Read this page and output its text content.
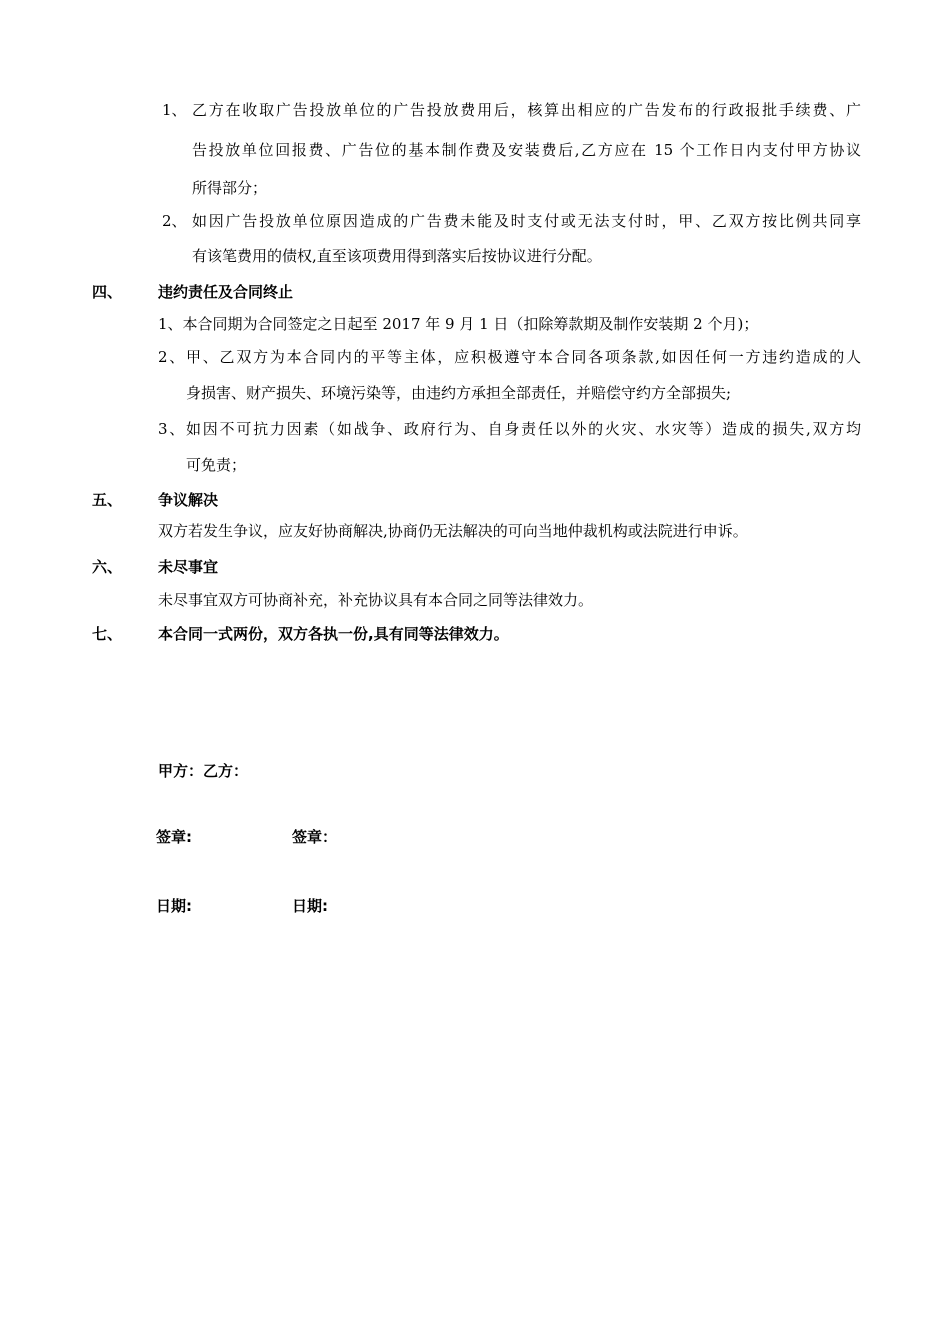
1、 乙方在收取广告投放单位的广告投放费用后，核算出相应的广告发布的行政报批手续费、广
告投放单位回报费、广告位的基本制作费及安装费后,乙方应在 15 个工作日内支付甲方协议
所得部分；
2、 如因广告投放单位原因造成的广告费未能及时支付或无法支付时，甲、乙双方按比例共同享
有该笔费用的债权,直至该项费用得到落实后按协议进行分配。
四、 违约责任及合同终止
1、本合同期为合同签定之日起至 2017 年 9 月 1 日（扣除筹款期及制作安装期 2 个月)；
2、甲、乙双方为本合同内的平等主体，应积极遵守本合同各项条款,如因任何一方违约造成的人
身损害、财产损失、环境污染等，由违约方承担全部责任，并赔偿守约方全部损失;
3、如因不可抗力因素（如战争、政府行为、自身责任以外的火灾、水灾等）造成的损失,双方均
可免责；
五、 争议解决
双方若发生争议，应友好协商解决,协商仍无法解决的可向当地仲裁机构或法院进行申诉。
六、 未尽事宜
未尽事宜双方可协商补充，补充协议具有本合同之同等法律效力。
七、 本合同一式两份，双方各执一份,具有同等法律效力。
甲方：乙方：
签章:	签章：
日期:	日期:
